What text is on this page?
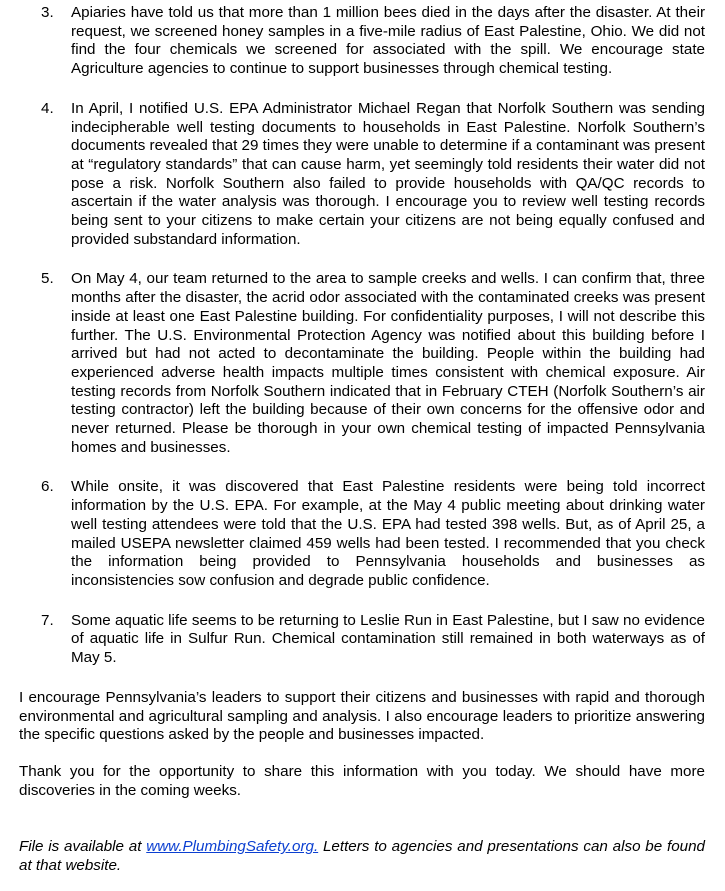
3. Apiaries have told us that more than 1 million bees died in the days after the disaster. At their request, we screened honey samples in a five-mile radius of East Palestine, Ohio. We did not find the four chemicals we screened for associated with the spill. We encourage state Agriculture agencies to continue to support businesses through chemical testing.
4. In April, I notified U.S. EPA Administrator Michael Regan that Norfolk Southern was sending indecipherable well testing documents to households in East Palestine. Norfolk Southern’s documents revealed that 29 times they were unable to determine if a contaminant was present at “regulatory standards” that can cause harm, yet seemingly told residents their water did not pose a risk. Norfolk Southern also failed to provide households with QA/QC records to ascertain if the water analysis was thorough. I encourage you to review well testing records being sent to your citizens to make certain your citizens are not being equally confused and provided substandard information.
5. On May 4, our team returned to the area to sample creeks and wells. I can confirm that, three months after the disaster, the acrid odor associated with the contaminated creeks was present inside at least one East Palestine building. For confidentiality purposes, I will not describe this further. The U.S. Environmental Protection Agency was notified about this building before I arrived but had not acted to decontaminate the building. People within the building had experienced adverse health impacts multiple times consistent with chemical exposure. Air testing records from Norfolk Southern indicated that in February CTEH (Norfolk Southern’s air testing contractor) left the building because of their own concerns for the offensive odor and never returned. Please be thorough in your own chemical testing of impacted Pennsylvania homes and businesses.
6. While onsite, it was discovered that East Palestine residents were being told incorrect information by the U.S. EPA. For example, at the May 4 public meeting about drinking water well testing attendees were told that the U.S. EPA had tested 398 wells. But, as of April 25, a mailed USEPA newsletter claimed 459 wells had been tested. I recommended that you check the information being provided to Pennsylvania households and businesses as inconsistencies sow confusion and degrade public confidence.
7. Some aquatic life seems to be returning to Leslie Run in East Palestine, but I saw no evidence of aquatic life in Sulfur Run. Chemical contamination still remained in both waterways as of May 5.

I encourage Pennsylvania’s leaders to support their citizens and businesses with rapid and thorough environmental and agricultural sampling and analysis. I also encourage leaders to prioritize answering the specific questions asked by the people and businesses impacted.

Thank you for the opportunity to share this information with you today. We should have more discoveries in the coming weeks.

File is available at www.PlumbingSafety.org. Letters to agencies and presentations can also be found at that website.
